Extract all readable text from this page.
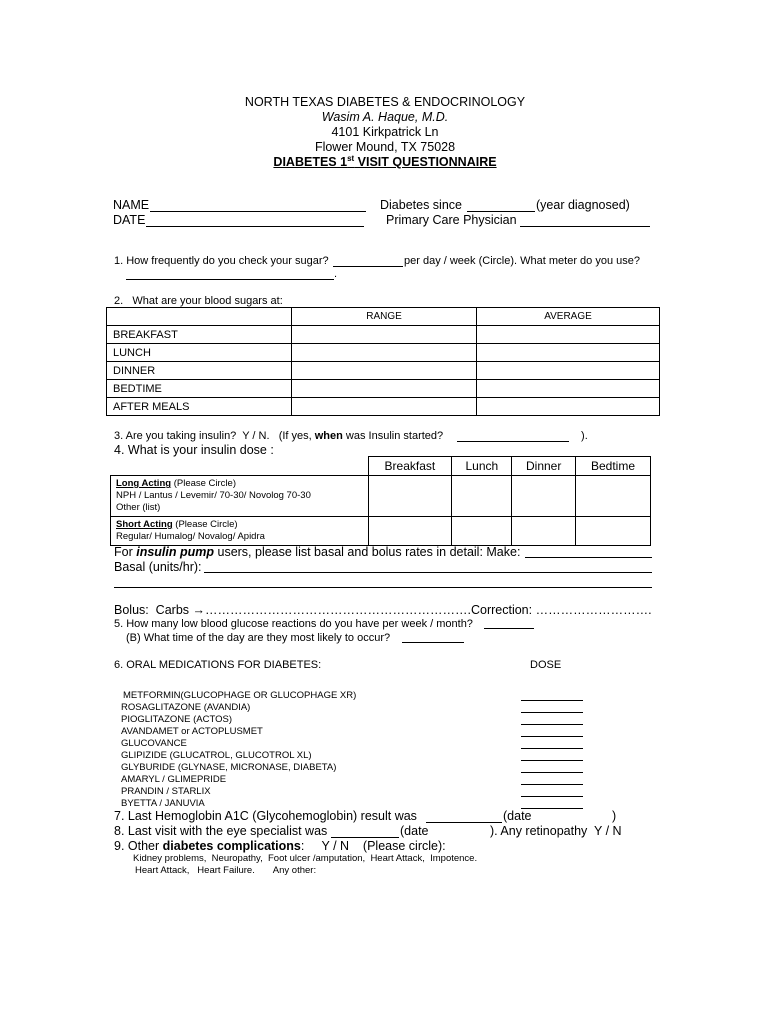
NORTH TEXAS DIABETES & ENDOCRINOLOGY
Wasim A. Haque, M.D.
4101 Kirkpatrick Ln
Flower Mound, TX 75028
DIABETES 1st VISIT QUESTIONNAIRE
NAME
DATE
Diabetes since	(year diagnosed)
Primary Care Physician
1. How frequently do you check your sugar?	per day / week (Circle). What meter do you use?
.
2.   What are your blood sugars at:
	RANGE	AVERAGE
BREAKFAST		
LUNCH		
DINNER		
BEDTIME		
AFTER MEALS		
3. Are you taking insulin?  Y / N.   (If yes, when was Insulin started?	).
4. What is your insulin dose :
	Breakfast	Lunch	Dinner	Bedtime
Long Acting (Please Circle)
NPH / Lantus / Levemir/ 70-30/ Novolog 70-30
Other (list)				
Short Acting (Please Circle)
Regular/ Humalog/ Novalog/ Apidra				
For insulin pump users, please list basal and bolus rates in detail: Make:
Basal (units/hr):
Bolus:  Carbs →……………………………………………………….Correction: ……………………….
5. How many low blood glucose reactions do you have per week / month?
(B) What time of the day are they most likely to occur?
6. ORAL MEDICATIONS FOR DIABETES:	DOSE
METFORMIN(GLUCOPHAGE OR GLUCOPHAGE XR)
ROSAGLITAZONE (AVANDIA)
PIOGLITAZONE (ACTOS)
AVANDAMET or ACTOPLUSMET
GLUCOVANCE
GLIPIZIDE (GLUCATROL, GLUCOTROL XL)
GLYBURIDE (GLYNASE, MICRONASE, DIABETA)
AMARYL / GLIMEPRIDE
PRANDIN / STARLIX
BYETTA / JANUVIA
7. Last Hemoglobin A1C (Glycohemoglobin) result was	(date	)
8. Last visit with the eye specialist was	(date	). Any retinopathy  Y / N
9. Other diabetes complications:     Y / N    (Please circle):
Kidney problems,  Neuropathy,  Foot ulcer /amputation,  Heart Attack,  Impotence.
Heart Attack,   Heart Failure.       Any other:
